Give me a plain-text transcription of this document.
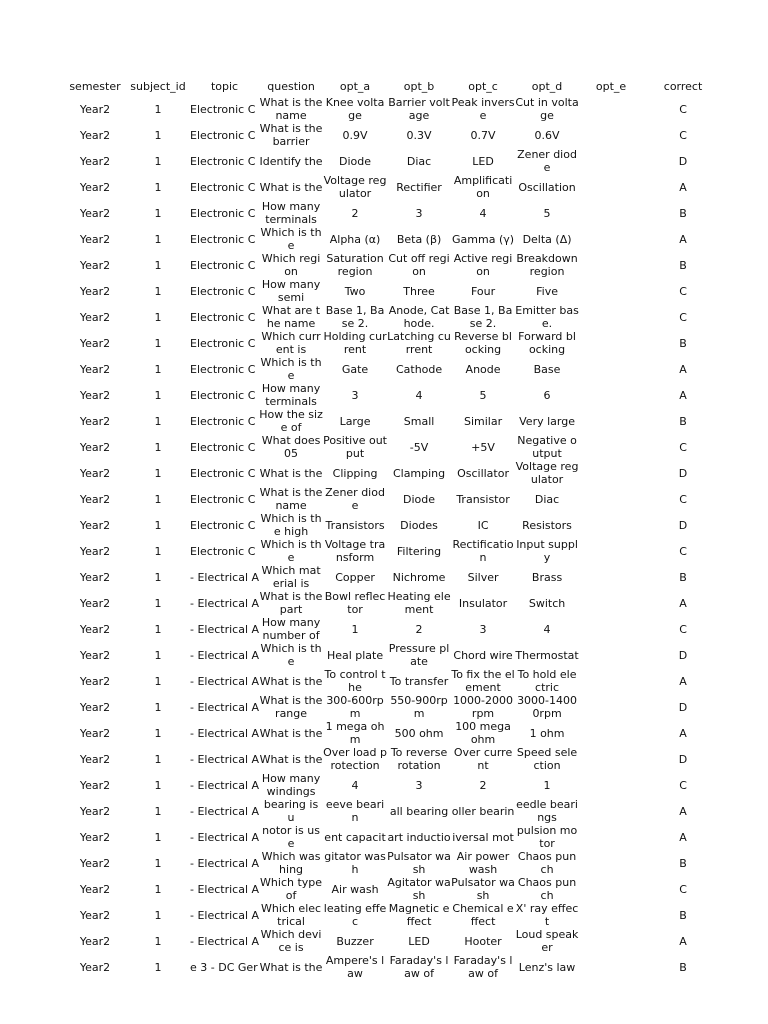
semester	subject_id	topic	question	opt_a	opt_b	opt_c	opt_d	opt_e	correct
Year2	1	Electronic C	What is the name	Knee voltage	Barrier voltage	Peak inverse	Cut in voltage		C
Year2	1	Electronic C	What is the barrier	0.9V	0.3V	0.7V	0.6V		C
Year2	1	Electronic C	Identify the	Diode	Diac	LED	Zener diode		D
Year2	1	Electronic C	What is the	Voltage regulator	Rectifier	Amplification	Oscillation		A
Year2	1	Electronic C	How many terminals	2	3	4	5		B
Year2	1	Electronic C	Which is the	Alpha (α)	Beta (β)	Gamma (γ)	Delta (Δ)		A
Year2	1	Electronic C	Which region	Saturation region	Cut off region	Active region	Breakdown region		B
Year2	1	Electronic C	How many semi	Two	Three	Four	Five		C
Year2	1	Electronic C	What are the name	Base 1, Base 2.	Anode, Cathode.	Base 1, Base 2.	Emitter base.		C
Year2	1	Electronic C	Which current is	Holding current	Latching current	Reverse blocking	Forward blocking		B
Year2	1	Electronic C	Which is the	Gate	Cathode	Anode	Base		A
Year2	1	Electronic C	How many terminals	3	4	5	6		A
Year2	1	Electronic C	How the size of	Large	Small	Similar	Very large		B
Year2	1	Electronic C	What does 05	Positive output	-5V	+5V	Negative output		C
Year2	1	Electronic C	What is the	Clipping	Clamping	Oscillator	Voltage regulator		D
Year2	1	Electronic C	What is the name	Zener diode	Diode	Transistor	Diac		C
Year2	1	Electronic C	Which is the high	Transistors	Diodes	IC	Resistors		D
Year2	1	Electronic C	Which is the	Voltage transform	Filtering	Rectification	Input supply		C
Year2	1	- Electrical A	Which material is	Copper	Nichrome	Silver	Brass		B
Year2	1	- Electrical A	What is the part	Bowl reflector	Heating element	Insulator	Switch		A
Year2	1	- Electrical A	How many number of	1	2	3	4		C
Year2	1	- Electrical A	Which is the	Heal plate	Pressure plate	Chord wire	Thermostat		D
Year2	1	- Electrical A	What is the	To control the	To transfer	To fix the element	To hold electric		A
Year2	1	- Electrical A	What is the range	300-600rpm	550-900rpm	1000-2000rpm	3000-14000rpm		D
Year2	1	- Electrical A	What is the	1 mega ohm	500 ohm	100 mega ohm	1 ohm		A
Year2	1	- Electrical A	What is the	Over load protection	To reverse rotation	Over current	Speed selection		D
Year2	1	- Electrical A	How many windings	4	3	2	1		C
Year2	1	- Electrical A	bearing is u	eeve bearin	all bearing	oller bearin	eedle bearings		A
Year2	1	- Electrical A	notor is use	ent capacit	art inductio	iversal mot	pulsion motor		A
Year2	1	- Electrical A	Which washing	gitator wash	Pulsator wash	Air power wash	Chaos punch		B
Year2	1	- Electrical A	Which type of	Air wash	Agitator wash	Pulsator wash	Chaos punch		C
Year2	1	- Electrical A	Which electrical	leating effec	Magnetic effect	Chemical effect	X' ray effect		B
Year2	1	- Electrical A	Which device is	Buzzer	LED	Hooter	Loud speaker		A
Year2	1	e 3 - DC Ger	What is the	Ampere's law	Faraday's law of	Faraday's law of	Lenz's law		B
